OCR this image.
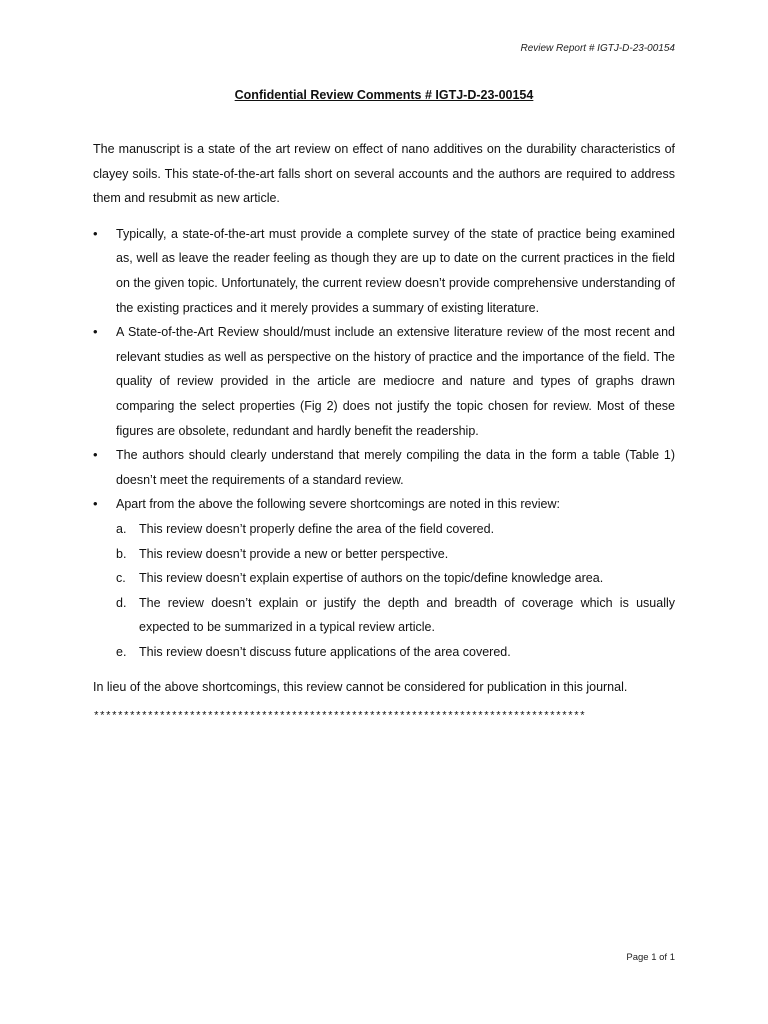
Review Report # IGTJ-D-23-00154
Confidential Review Comments # IGTJ-D-23-00154

The manuscript is a state of the art review on effect of nano additives on the durability characteristics of clayey soils. This state-of-the-art falls short on several accounts and the authors are required to address them and resubmit as new article.

• Typically, a state-of-the-art must provide a complete survey of the state of practice being examined as, well as leave the reader feeling as though they are up to date on the current practices in the field on the given topic. Unfortunately, the current review doesn’t provide comprehensive understanding of the existing practices and it merely provides a summary of existing literature.
• A State-of-the-Art Review should/must include an extensive literature review of the most recent and relevant studies as well as perspective on the history of practice and the importance of the field. The quality of review provided in the article are mediocre and nature and types of graphs drawn comparing the select properties (Fig 2) does not justify the topic chosen for review. Most of these figures are obsolete, redundant and hardly benefit the readership.
• The authors should clearly understand that merely compiling the data in the form a table (Table 1) doesn’t meet the requirements of a standard review.
• Apart from the above the following severe shortcomings are noted in this review:
a. This review doesn’t properly define the area of the field covered.
b. This review doesn’t provide a new or better perspective.
c. This review doesn’t explain expertise of authors on the topic/define knowledge area.
d. The review doesn’t explain or justify the depth and breadth of coverage which is usually expected to be summarized in a typical review article.
e. This review doesn’t discuss future applications of the area covered.

In lieu of the above shortcomings, this review cannot be considered for publication in this journal.

**********************************************************************************
Page 1 of 1
